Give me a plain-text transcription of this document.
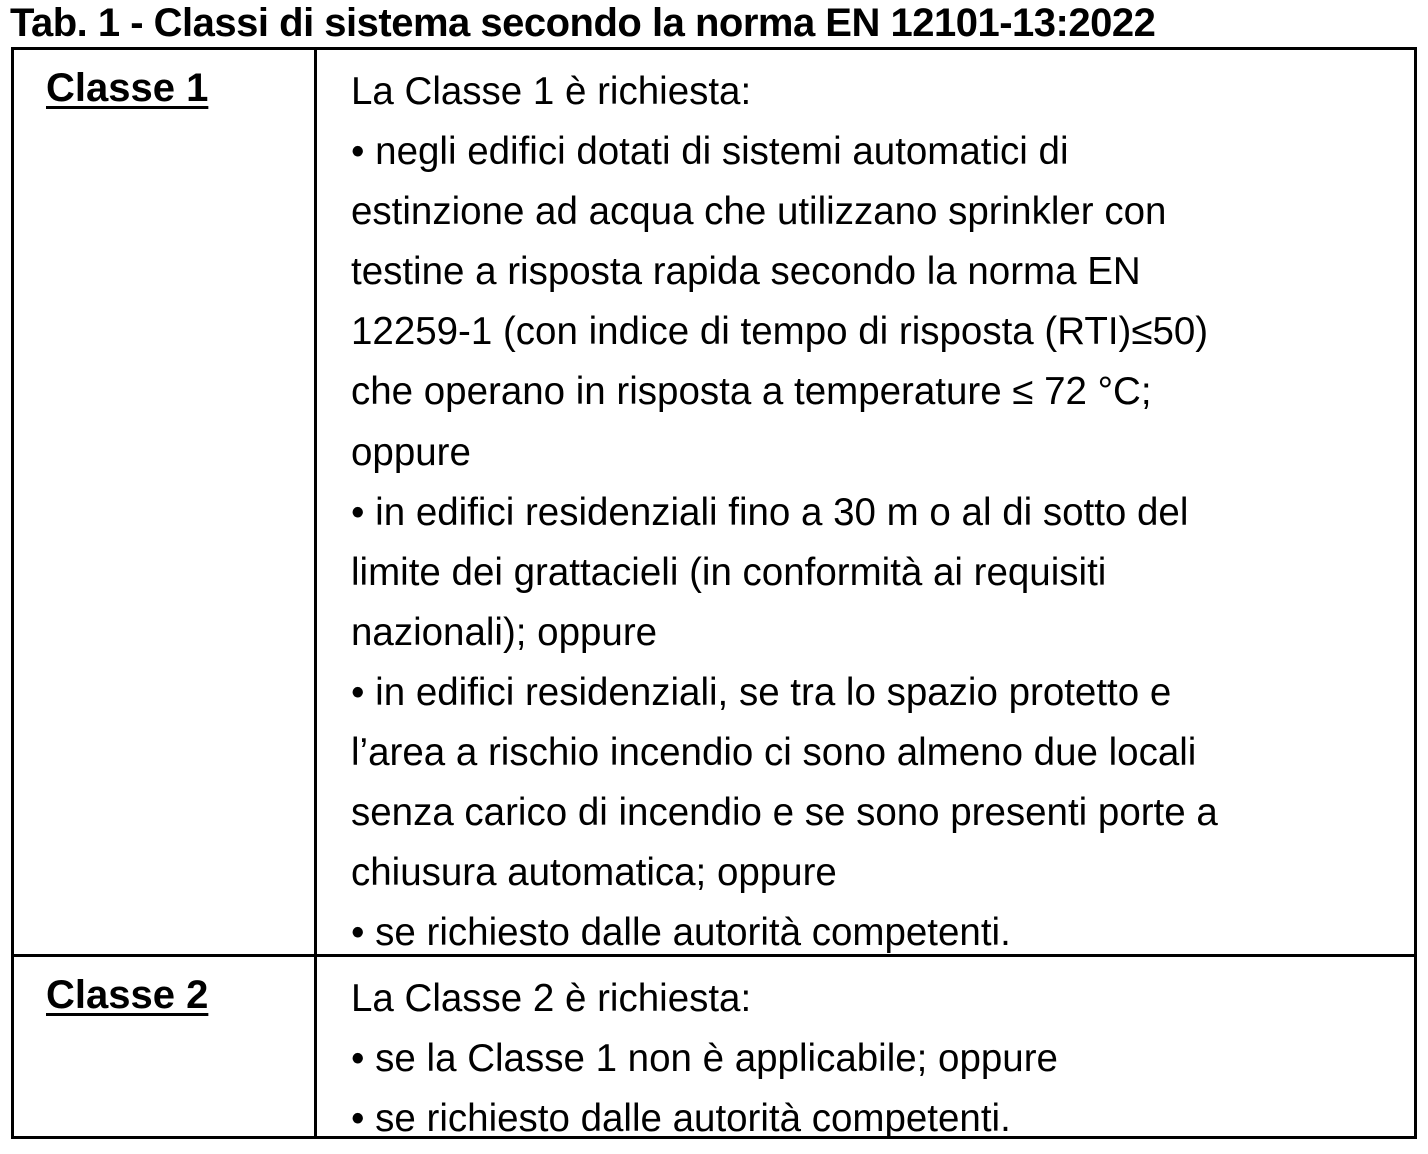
Tab. 1 - Classi di sistema secondo la norma EN 12101-13:2022
Classe 1	La Classe 1 è richiesta:
• negli edifici dotati di sistemi automatici di
estinzione ad acqua che utilizzano sprinkler con
testine a risposta rapida secondo la norma EN
12259-1 (con indice di tempo di risposta (RTI)≤50)
che operano in risposta a temperature ≤ 72 °C;
oppure
• in edifici residenziali fino a 30 m o al di sotto del
limite dei grattacieli (in conformità ai requisiti
nazionali); oppure
• in edifici residenziali, se tra lo spazio protetto e
l’area a rischio incendio ci sono almeno due locali
senza carico di incendio e se sono presenti porte a
chiusura automatica; oppure
• se richiesto dalle autorità competenti.
Classe 2	La Classe 2 è richiesta:
• se la Classe 1 non è applicabile; oppure
• se richiesto dalle autorità competenti.
